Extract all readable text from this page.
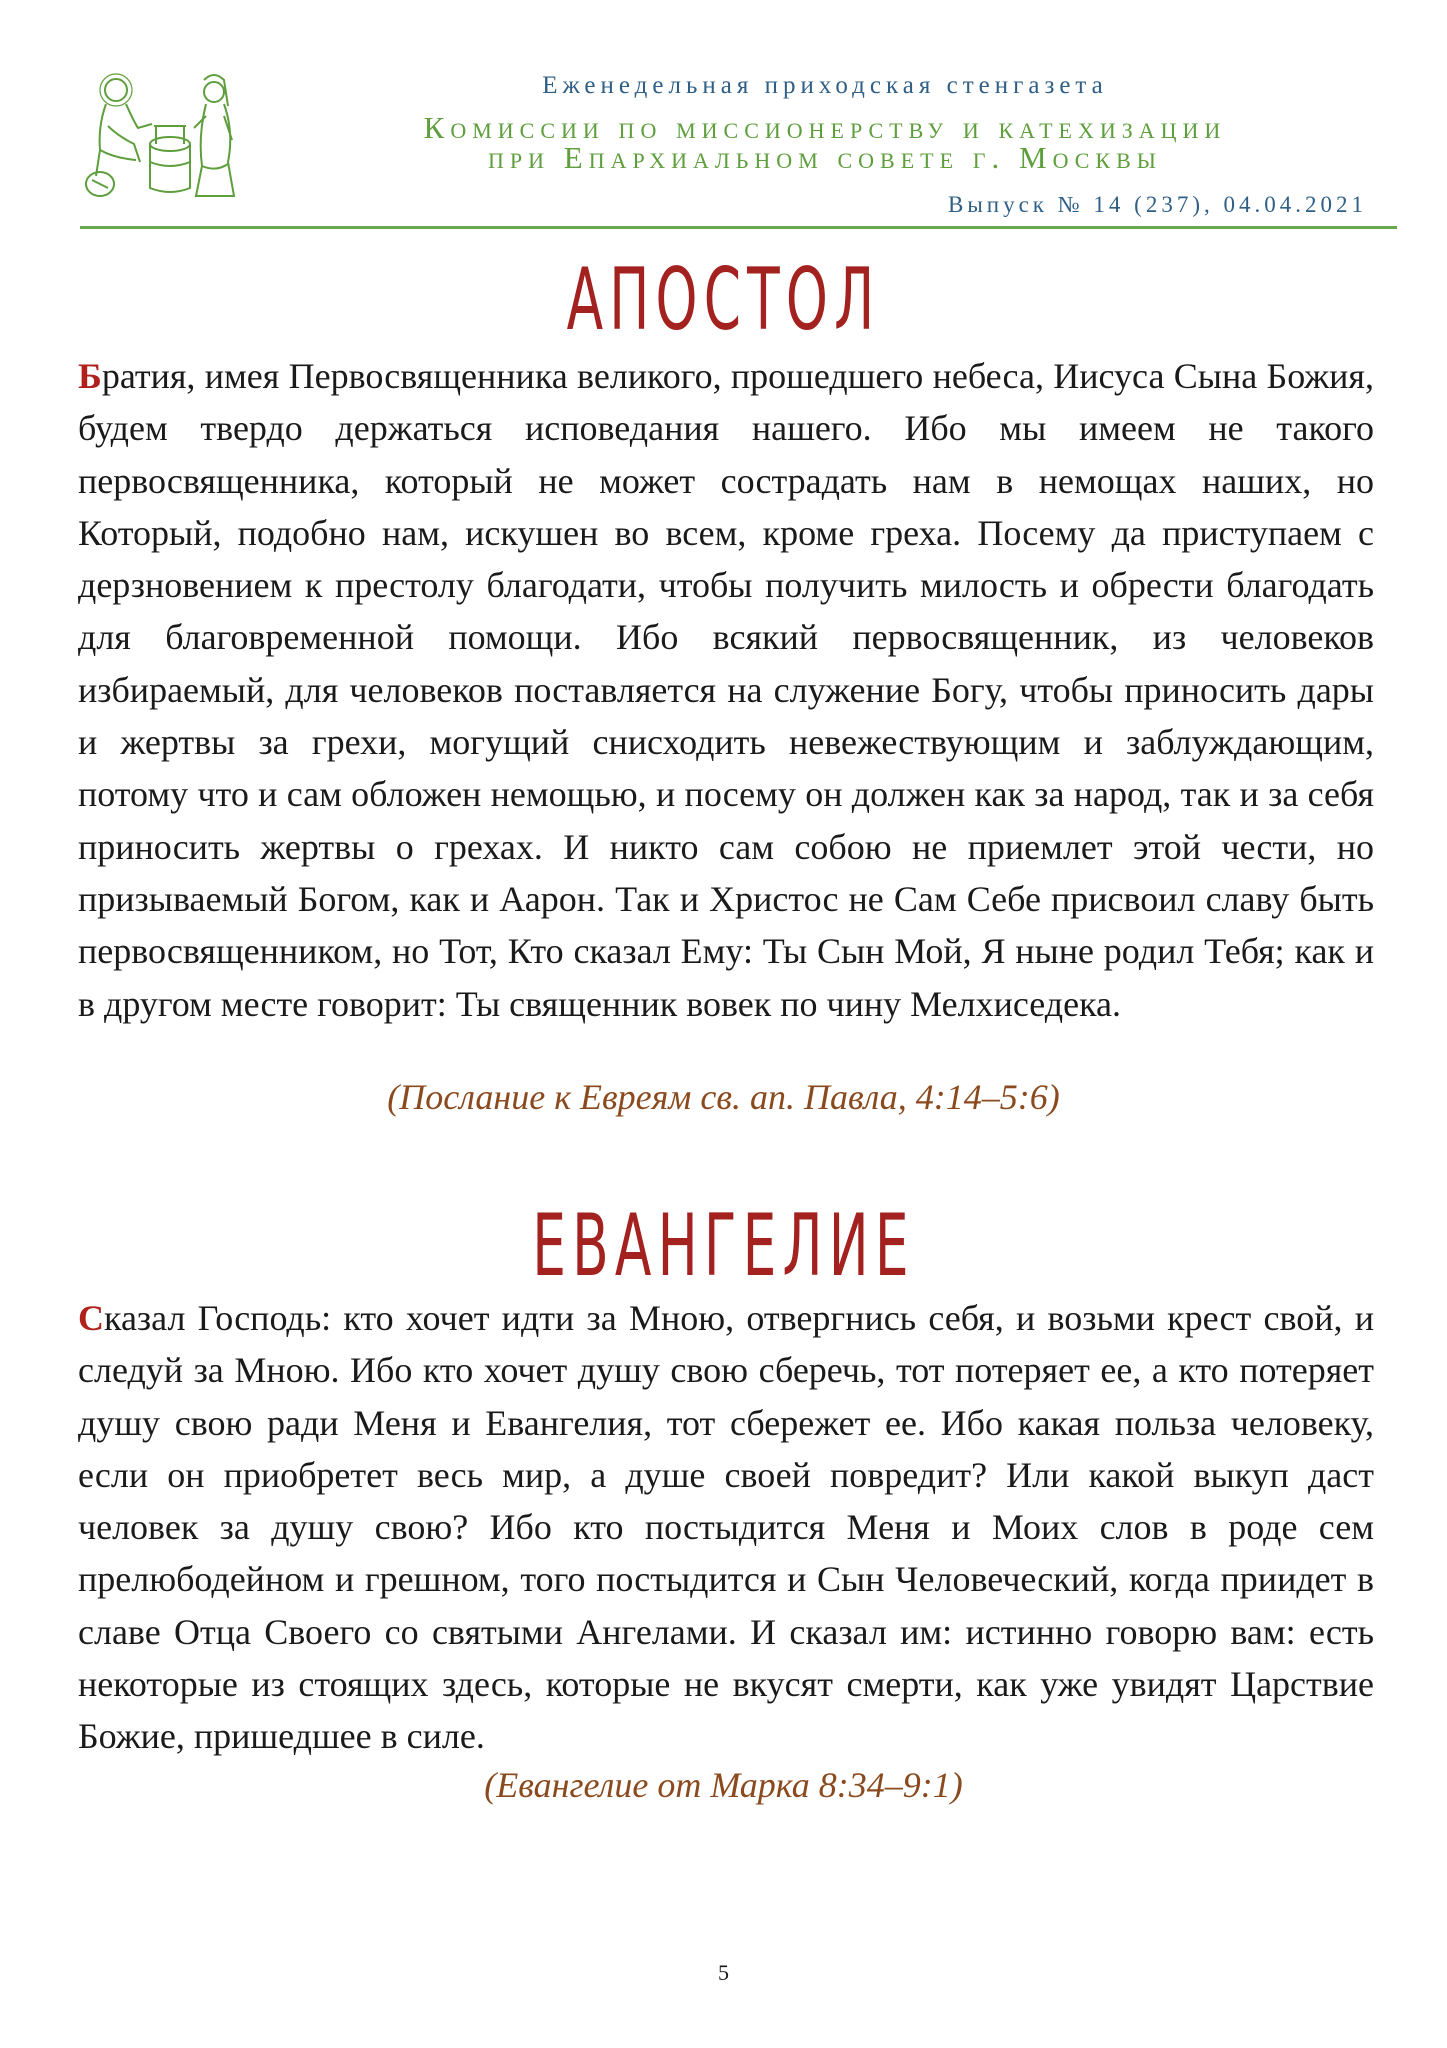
Еженедельная приходская стенгазета
Комиссии по миссионерству и катехизации
при Епархиальном совете г. Москвы
Выпуск № 14 (237), 04.04.2021
АПОСТОЛ

Братия, имея Первосвященника великого, прошедшего небеса, Иисуса Сына Божия, будем твердо держаться исповедания нашего. Ибо мы имеем не такого первосвященника, который не может сострадать нам в немощах наших, но Который, подобно нам, искушен во всем, кроме греха. Посему да приступаем с дерзновением к престолу благодати, чтобы получить милость и обрести благодать для благовременной помощи. Ибо всякий первосвященник, из человеков избираемый, для человеков поставляется на служение Богу, чтобы приносить дары и жертвы за грехи, могущий снисходить невежествующим и заблуждающим, потому что и сам обложен немощью, и посему он должен как за народ, так и за себя приносить жертвы о грехах. И никто сам собою не приемлет этой чести, но призываемый Богом, как и Аарон. Так и Христос не Сам Себе присвоил славу быть первосвященником, но Тот, Кто сказал Ему: Ты Сын Мой, Я ныне родил Тебя; как и в другом месте говорит: Ты священник вовек по чину Мелхиседека.

(Послание к Евреям св. ап. Павла, 4:14–5:6)
ЕВАНГЕЛИЕ

Сказал Господь: кто хочет идти за Мною, отвергнись себя, и возьми крест свой, и следуй за Мною. Ибо кто хочет душу свою сберечь, тот потеряет ее, а кто потеряет душу свою ради Меня и Евангелия, тот сбережет ее. Ибо какая польза человеку, если он приобретет весь мир, а душе своей повредит? Или какой выкуп даст человек за душу свою? Ибо кто постыдится Меня и Моих слов в роде сем прелюбодейном и грешном, того постыдится и Сын Человеческий, когда приидет в славе Отца Своего со святыми Ангелами. И сказал им: истинно говорю вам: есть некоторые из стоящих здесь, которые не вкусят смерти, как уже увидят Царствие Божие, пришедшее в силе.

(Евангелие от Марка 8:34–9:1)
5
